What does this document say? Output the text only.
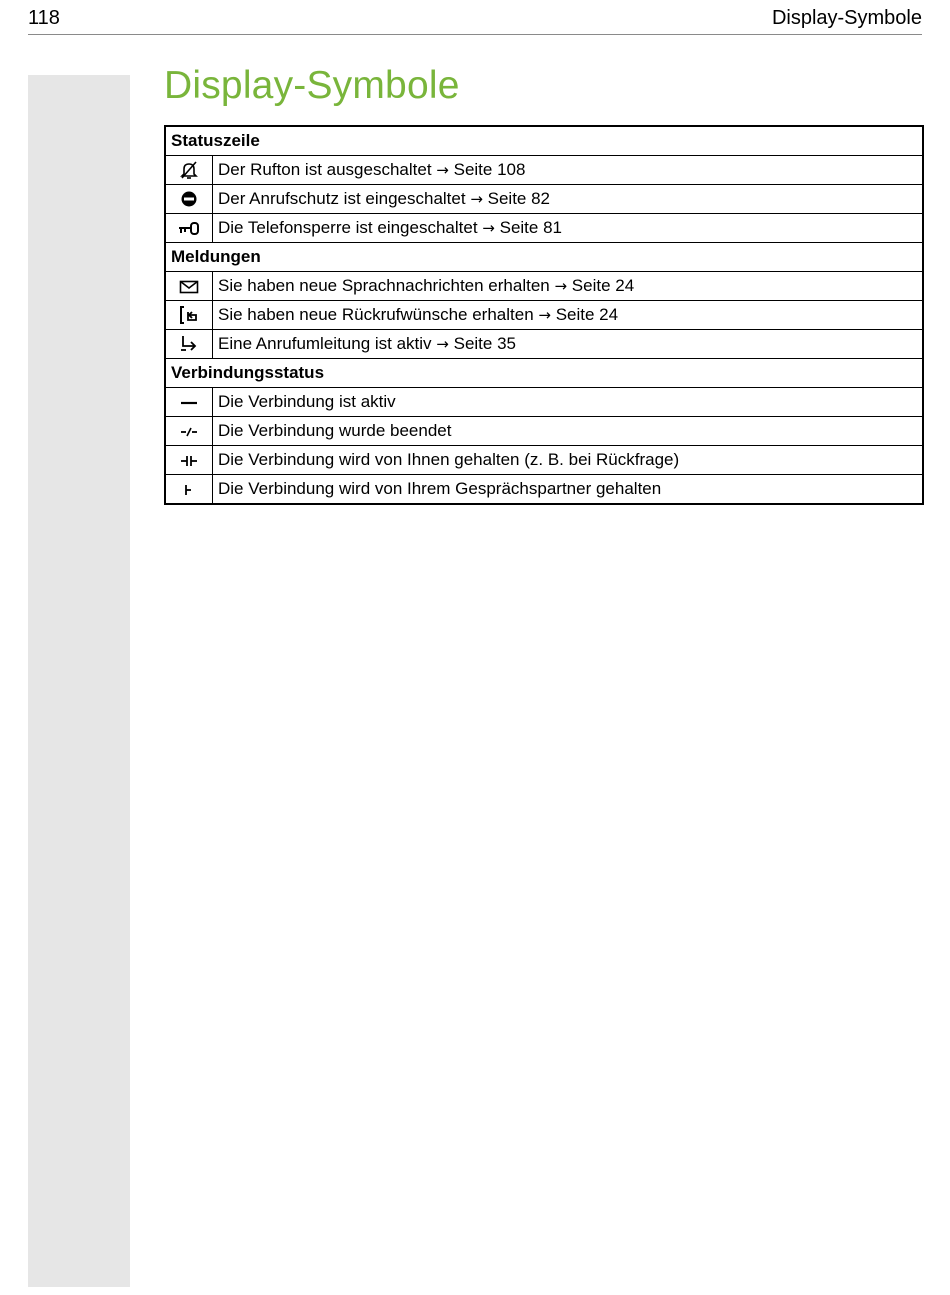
118	Display-Symbole
Display-Symbole
Statuszeile	

	Der Rufton ist ausgeschaltet → Seite 108

	Der Anrufschutz ist eingeschaltet → Seite 82

	Die Telefonsperre ist eingeschaltet → Seite 81
Meldungen	

	Sie haben neue Sprachnachrichten erhalten → Seite 24

	Sie haben neue Rückrufwünsche erhalten → Seite 24

	Eine Anrufumleitung ist aktiv → Seite 35
Verbindungsstatus	

	Die Verbindung ist aktiv

	Die Verbindung wurde beendet

	Die Verbindung wird von Ihnen gehalten (z. B. bei Rückfrage)

	Die Verbindung wird von Ihrem Gesprächspartner gehalten
